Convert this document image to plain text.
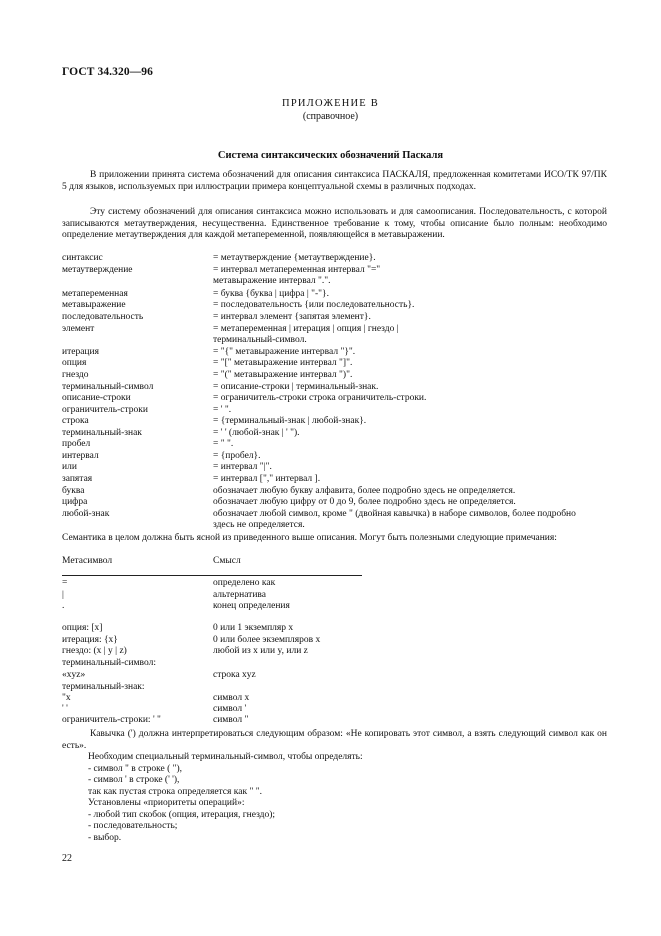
ГОСТ 34.320—96
ПРИЛОЖЕНИЕ В
(справочное)
Система синтаксических обозначений Паскаля
В приложении принята система обозначений для описания синтаксиса ПАСКАЛЯ, предложенная комитетами ИСО/ТК 97/ПК 5 для языков, используемых при иллюстрации примера концептуальной схемы в различных подходах.
Эту систему обозначений для описания синтаксиса можно использовать и для самоописания. Последовательность, с которой записываются метаутверждения, несущественна. Единственное требование к тому, чтобы описание было полным: необходимо определение метаутверждения для каждой метапеременной, появляющейся в метавыражении.
синтаксис	= метаутверждение {метаутверждение}.
метаутверждение	= интервал метапеременная интервал "=" метавыражение интервал ".".
метапеременная	= буква {буква | цифра | "-"}.
метавыражение	= последовательность {или последовательность}.
последовательность	= интервал элемент {запятая элемент}.
элемент	= метапеременная | итерация | опция | гнездо | терминальный-символ.
итерация	= "{" метавыражение интервал "}".
опция	= "[" метавыражение интервал "]".
гнездо	= "(" метавыражение интервал ")".
терминальный-символ	= описание-строки | терминальный-знак.
описание-строки	= ограничитель-строки строка ограничитель-строки.
ограничитель-строки	= ' ".
строка	= {терминальный-знак | любой-знак}.
терминальный-знак	= ' ' (любой-знак | ' ").
пробел	= " ".
интервал	= {пробел}.
или	= интервал "|".
запятая	= интервал ["," интервал ].
буква	обозначает любую букву алфавита, более подробно здесь не определяется.
цифра	обозначает любую цифру от 0 до 9, более подробно здесь не определяется.
любой-знак	обозначает любой символ, кроме " (двойная кавычка) в наборе символов, более подробно здесь не определяется.
Семантика в целом должна быть ясной из приведенного выше описания. Могут быть полезными следующие примечания:
Метасимвол	Смысл
=	определено как
|	альтернатива
.	конец определения
опция: [x]	0 или 1 экземпляр x
итерация: {x}	0 или более экземпляров x
гнездо: (x | y | z)	любой из x или y, или z
терминальный-символ:
«xyz»	строка xyz
терминальный-знак:
"x	символ x
' '	символ '
ограничитель-строки: ' "	символ "
Кавычка (') должна интерпретироваться следующим образом: «Не копировать этот символ, а взять следующий символ как он есть».
Необходим специальный терминальный-символ, чтобы определять:
- символ " в строке ( "),
- символ ' в строке (' '),
так как пустая строка определяется как " ".
Установлены «приоритеты операций»:
- любой тип скобок (опция, итерация, гнездо);
- последовательность;
- выбор.
22
